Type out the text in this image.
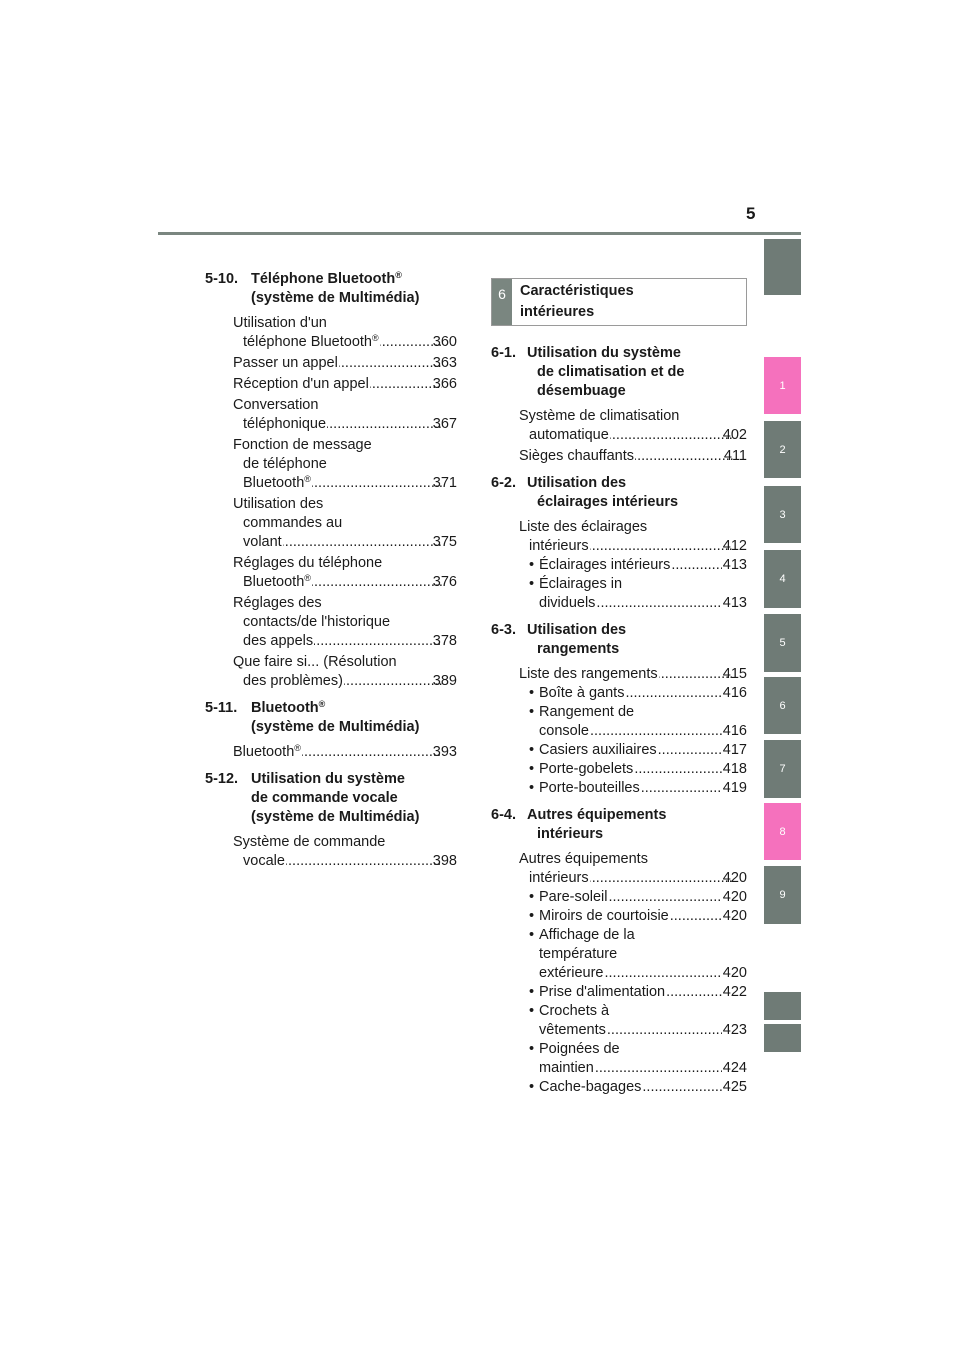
5
1
2
3
4
5
6
7
8
9
5-10. Téléphone Bluetooth®
(système de Multimédia)
Utilisation d'un
téléphone Bluetooth® .....	360
Passer un appel .....	363
Réception d'un appel .....	366
Conversation
téléphonique .....	367
Fonction de message
de téléphone
Bluetooth® .....	371
Utilisation des
commandes au
volant .....	375
Réglages du téléphone
Bluetooth® .....	376
Réglages des
contacts/de l'historique
des appels .....	378
Que faire si... (Résolution
des problèmes) .....	389
5-11. Bluetooth®
(système de Multimédia)
Bluetooth® .....	393
5-12. Utilisation du système
de commande vocale
(système de Multimédia)
Système de commande
vocale .....	398
6 Caractéristiques
intérieures
6-1. Utilisation du système
de climatisation et de
désembuage
Système de climatisation
automatique .....	402
Sièges chauffants .....	411
6-2. Utilisation des
éclairages intérieurs
Liste des éclairages
intérieurs .....	412
• Éclairages intérieurs .....	413
• Éclairages in
dividuels .....	413
6-3. Utilisation des
rangements
Liste des rangements .....	415
• Boîte à gants .....	416
• Rangement de
console .....	416
• Casiers auxiliaires .....	417
• Porte-gobelets .....	418
• Porte-bouteilles .....	419
6-4. Autres équipements
intérieurs
Autres équipements
intérieurs .....	420
• Pare-soleil .....	420
• Miroirs de courtoisie .....	420
• Affichage de la
température
extérieure .....	420
• Prise d'alimentation .....	422
• Crochets à
vêtements .....	423
• Poignées de
maintien .....	424
• Cache-bagages .....	425
